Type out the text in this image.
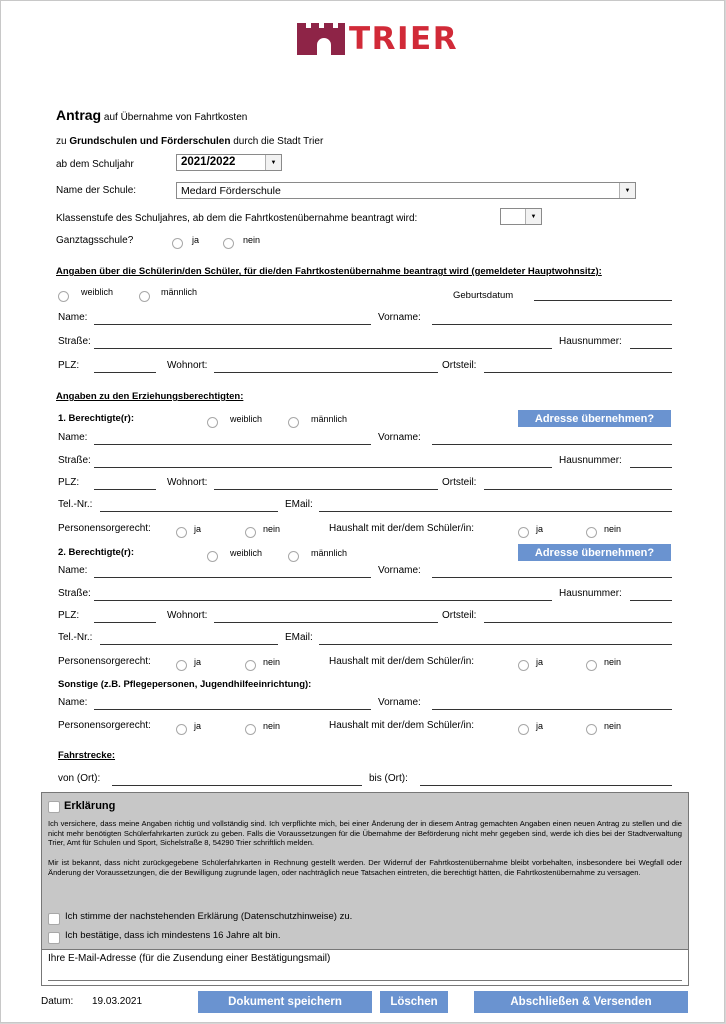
TRIER
Antrag auf Übernahme von Fahrtkosten
zu Grundschulen und Förderschulen durch die Stadt Trier
ab dem Schuljahr	2021/2022	▼
Name der Schule:	Medard Förderschule	▼
Klassenstufe des Schuljahres, ab dem die Fahrtkostenübernahme beantragt wird:	▼
Ganztagsschule?	ja	nein
Angaben über die Schülerin/den Schüler, für die/den Fahrtkostenübernahme beantragt wird (gemeldeter Hauptwohnsitz):
weiblich	männlich	Geburtsdatum
Name:	Vorname:
Straße:	Hausnummer:
PLZ:	Wohnort:	Ortsteil:
Angaben zu den Erziehungsberechtigten:
1. Berechtigte(r):	weiblich	männlich	Adresse übernehmen?
Name:	Vorname:
Straße:	Hausnummer:
PLZ:	Wohnort:	Ortsteil:
Tel.-Nr.:	EMail:
Personensorgerecht:	ja	nein	Haushalt mit der/dem Schüler/in:	ja	nein
2. Berechtigte(r):	weiblich	männlich	Adresse übernehmen?
Name:	Vorname:
Straße:	Hausnummer:
PLZ:	Wohnort:	Ortsteil:
Tel.-Nr.:	EMail:
Personensorgerecht:	ja	nein	Haushalt mit der/dem Schüler/in:	ja	nein
Sonstige (z.B. Pflegepersonen, Jugendhilfeeinrichtung):
Name:	Vorname:
Personensorgerecht:	ja	nein	Haushalt mit der/dem Schüler/in:	ja	nein
Fahrstrecke:
von (Ort):	bis (Ort):
Erklärung
Ich versichere, dass meine Angaben richtig und vollständig sind. Ich verpflichte mich, bei einer Änderung der in diesem Antrag gemachten Angaben einen neuen Antrag zu stellen und die nicht mehr benötigten Schülerfahrkarten zurück zu geben. Falls die Voraussetzungen für die Übernahme der Beförderung nicht mehr gegeben sind, werde ich dies bei der Stadtverwaltung Trier, Amt für Schulen und Sport, Sichelstraße 8, 54290 Trier schriftlich melden.
Mir ist bekannt, dass nicht zurückgegebene Schülerfahrkarten in Rechnung gestellt werden. Der Widerruf der Fahrtkostenübernahme bleibt vorbehalten, insbesondere bei Wegfall oder Änderung der Voraussetzungen, die der Bewilligung zugrunde lagen, oder nachträglich neue Tatsachen eintreten, die berechtigt hätten, die Fahrtkostenübernahme zu versagen.
Ich stimme der nachstehenden Erklärung (Datenschutzhinweise) zu.
Ich bestätige, dass ich mindestens 16 Jahre alt bin.
Ihre E-Mail-Adresse (für die Zusendung einer Bestätigungsmail)
Datum: 19.03.2021	Dokument speichern	Löschen	Abschließen & Versenden
